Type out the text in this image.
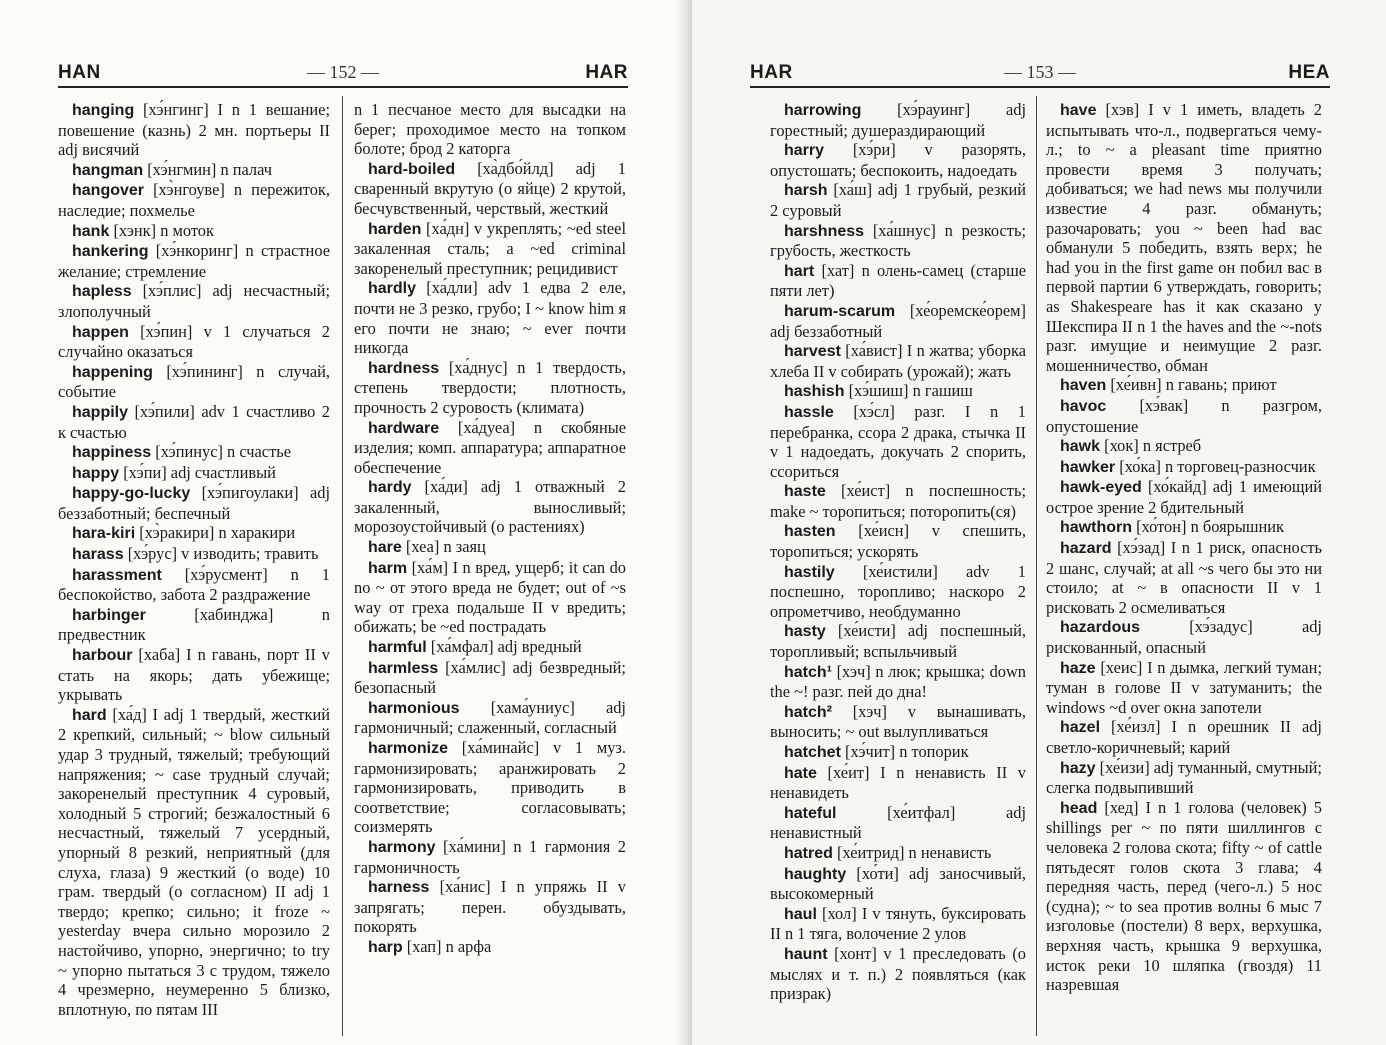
HAN	— 152 —	HAR

hanging [хэ́нгинг] I n 1 вешание; повешение (казнь) 2 мн. портьеры II adj висячий

hangman [хэ́нгмин] n палач

hangover [хэ̀нгоуве] n пережиток, наследие; похмелье

hank [хэнк] n моток

hankering [хэ́нкоринг] n страстное желание; стремление

hapless [хэ́плис] adj несчастный; злополучный

happen [хэ́пин] v 1 случаться 2 случайно оказаться

happening [хэ́пининг] n случай, событие

happily [хэ́пили] adv 1 счастливо 2 к счастью

happiness [хэ́пинус] n счастье

happy [хэ́пи] adj счастливый

happy-go-lucky [хэ́пигоулаки] adj беззаботный; беспечный

hara-kiri [хэ̀ракири] n харакири

harass [хэ́рус] v изводить; травить

harassment [хэ́русмент] n 1 беспокойство, забота 2 раздражение

harbinger [хабинджа] n предвестник

harbour [хаба] I n гавань, порт II v стать на якорь; дать убежище; укрывать

hard [ха́д] I adj 1 твердый, жесткий 2 крепкий, сильный; ~ blow сильный удар 3 трудный, тяжелый; требующий напряжения; ~ case трудный случай; закоренелый преступник 4 суровый, холодный 5 строгий; безжалостный 6 несчастный, тяжелый 7 усердный, упорный 8 резкий, неприятный (для слуха, глаза) 9 жесткий (о воде) 10 грам. твердый (о согласном) II adj 1 твердо; крепко; сильно; it froze ~ yesterday вчера сильно морозило 2 настойчиво, упорно, энергично; to try ~ упорно пытаться 3 с трудом, тяжело 4 чрезмерно, неумеренно 5 близко, вплотную, по пятам III

n 1 песчаное место для высадки на берег; проходимое место на топком болоте; брод 2 каторга

hard-boiled [ха̀дбо́йлд] adj 1 сваренный вкрутую (о яйце) 2 крутой, бесчувственный, черствый, жесткий

harden [ха́дн] v укреплять; ~ed steel закаленная сталь; a ~ed criminal закоренелый преступник; рецидивист

hardly [ха́дли] adv 1 едва 2 еле, почти не 3 резко, грубо; I ~ know him я его почти не знаю; ~ ever почти никогда

hardness [ха́днус] n 1 твердость, степень твердости; плотность, прочность 2 суровость (климата)

hardware [ха́дуеа] n скобяные изделия; комп. аппаратура; аппаратное обеспечение

hardy [ха́ди] adj 1 отважный 2 закаленный, выносливый; морозоустойчивый (о растениях)

hare [хеа] n заяц

harm [ха́м] I n вред, ущерб; it can do no ~ от этого вреда не будет; out of ~s way от греха подальше II v вредить; обижать; be ~ed пострадать

harmful [ха́мфал] adj вредный

harmless [ха́млис] adj безвредный; безопасный

harmonious [хама́униус] adj гармоничный; слаженный, согласный

harmonize [ха́минайс] v 1 муз. гармонизировать; аранжировать 2 гармонизировать, приводить в соответствие; согласовывать; соизмерять

harmony [ха́мини] n 1 гармония 2 гармоничность

harness [ха́нис] I n упряжь II v запрягать; перен. обуздывать, покорять

harp [хап] n арфа

HAR	— 153 —	HEA

harrowing [хэ́рауинг] adj горестный; душераздирающий

harry [хэ́ри] v разорять, опустошать; беспокоить, надоедать

harsh [ха́ш] adj 1 грубый, резкий 2 суровый

harshness [ха́шнус] n резкость; грубость, жесткость

hart [хат] n олень-самец (старше пяти лет)

harum-scarum [хе́оремске́орем] adj беззаботный

harvest [ха́вист] I n жатва; уборка хлеба II v собирать (урожай); жать

hashish [хэ́шиш] n гашиш

hassle [хэ́сл] разг. I n 1 перебранка, ссора 2 драка, стычка II v 1 надоедать, докучать 2 спорить, ссориться

haste [хе́ист] n поспешность; make ~ торопиться; поторопить(ся)

hasten [хе́исн] v спешить, торопиться; ускорять

hastily [хе́истили] adv 1 поспешно, торопливо; наскоро 2 опрометчиво, необдуманно

hasty [хе́исти] adj поспешный, торопливый; вспыльчивый

hatch¹ [хэч] n люк; крышка; down the ~! разг. пей до дна!

hatch² [хэч] v вынашивать, выносить; ~ out вылупливаться

hatchet [хэ́чит] n топорик

hate [хе́ит] I n ненависть II v ненавидеть

hateful [хе́итфал] adj ненавистный

hatred [хе́итрид] n ненависть

haughty [хо́ти] adj заносчивый, высокомерный

haul [хол] I v тянуть, буксировать II n 1 тяга, волочение 2 улов

haunt [хонт] v 1 преследовать (о мыслях и т. п.) 2 появляться (как призрак)

have [хэв] I v 1 иметь, владеть 2 испытывать что-л., подвергаться чему-л.; to ~ a pleasant time приятно провести время 3 получать; добиваться; we had news мы получили известие 4 разг. обмануть; разочаровать; you ~ been had вас обманули 5 победить, взять верх; he had you in the first game он побил вас в первой партии 6 утверждать, говорить; as Shakespeare has it как сказано у Шекспира II n 1 the haves and the ~-nots разг. имущие и неимущие 2 разг. мошенничество, обман

haven [хе́ивн] n гавань; приют

havoc [хэ́вак] n разгром, опустошение

hawk [хок] n ястреб

hawker [хо́ка] n торговец-разносчик

hawk-eyed [хо́кайд] adj 1 имеющий острое зрение 2 бдительный

hawthorn [хо́тон] n боярышник

hazard [хэ́зад] I n 1 риск, опасность 2 шанс, случай; at all ~s чего бы это ни стоило; at ~ в опасности II v 1 рисковать 2 осмеливаться

hazardous [хэ́задус] adj рискованный, опасный

haze [хеис] I n дымка, легкий туман; туман в голове II v затуманить; the windows ~d over окна запотели

hazel [хе́изл] I n орешник II adj светло-коричневый; карий

hazy [хе́изи] adj туманный, смутный; слегка подвыпивший

head [хед] I n 1 голова (человек) 5 shillings per ~ по пяти шиллингов с человека 2 голова скота; fifty ~ of cattle пятьдесят голов скота 3 глава; 4 передняя часть, перед (чего-л.) 5 нос (судна); ~ to sea против волны 6 мыс 7 изголовье (постели) 8 верх, верхушка, верхняя часть, крышка 9 верхушка, исток реки 10 шляпка (гвоздя) 11 назревшая
